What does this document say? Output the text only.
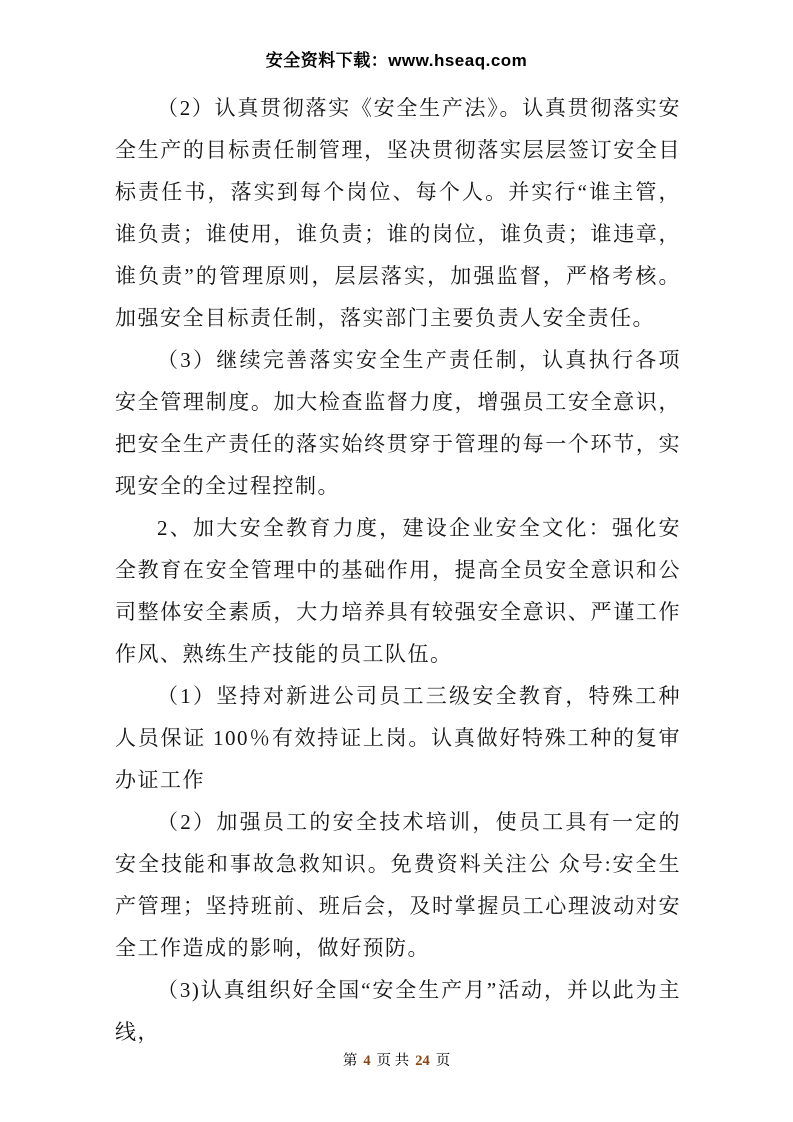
安全资料下载：www.hseaq.com

（2）认真贯彻落实《安全生产法》。认真贯彻落实安全生产的目标责任制管理，坚决贯彻落实层层签订安全目标责任书，落实到每个岗位、每个人。并实行“谁主管，谁负责；谁使用，谁负责；谁的岗位，谁负责；谁违章，谁负责”的管理原则，层层落实，加强监督，严格考核。加强安全目标责任制，落实部门主要负责人安全责任。

（3）继续完善落实安全生产责任制，认真执行各项安全管理制度。加大检查监督力度，增强员工安全意识，把安全生产责任的落实始终贯穿于管理的每一个环节，实现安全的全过程控制。

2、加大安全教育力度，建设企业安全文化：强化安全教育在安全管理中的基础作用，提高全员安全意识和公司整体安全素质，大力培养具有较强安全意识、严谨工作作风、熟练生产技能的员工队伍。

（1）坚持对新进公司员工三级安全教育，特殊工种人员保证 100％有效持证上岗。认真做好特殊工种的复审办证工作

（2）加强员工的安全技术培训，使员工具有一定的安全技能和事故急救知识。免费资料关注公 众号:安全生产管理；坚持班前、班后会，及时掌握员工心理波动对安全工作造成的影响，做好预防。

（3)认真组织好全国“安全生产月”活动，并以此为主线，

第 4 页 共 24 页
